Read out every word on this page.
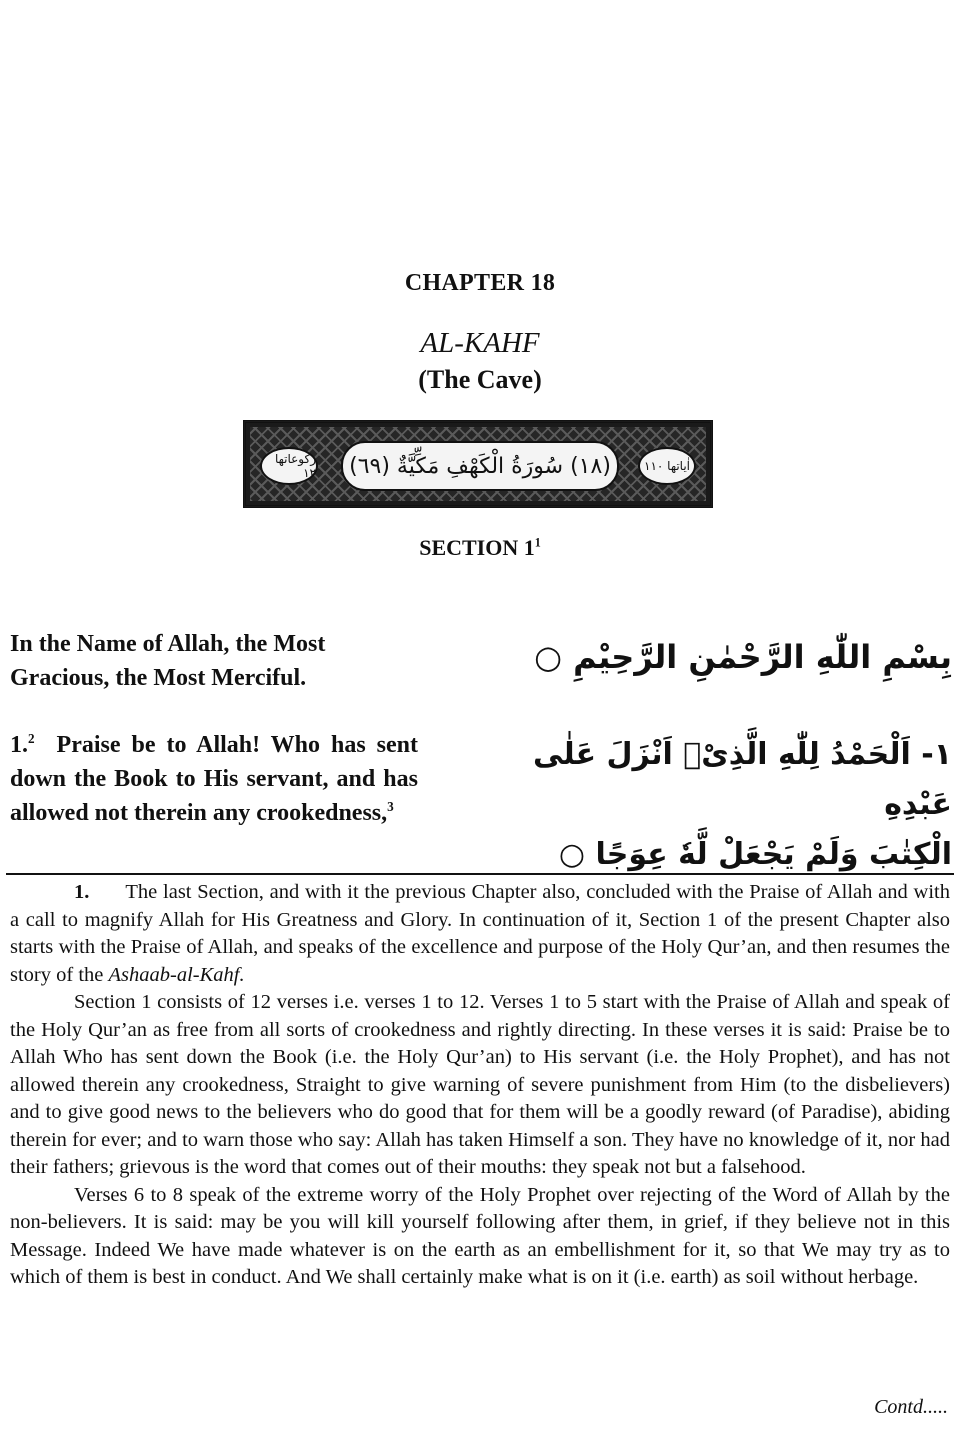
CHAPTER 18
AL-KAHF
(The Cave)
رکوعاتها ١٢	(١٨) سُورَةُ الْكَهْفِ مَكِّيَّةٌ (٦٩)	اٰياتها ١١٠
SECTION $1^1$
In the Name of Allah, the Most Gracious, the Most Merciful.
بِسْمِ اللّٰهِ الرَّحْمٰنِ الرَّحِيْمِ ○
1.$^2$ Praise be to Allah! Who has sent down the Book to His servant, and has allowed not therein any crookedness,$^3$
١- اَلْحَمْدُ لِلّٰهِ الَّذِیْۤ اَنْزَلَ عَلٰی عَبْدِهِ
الْكِتٰبَ وَلَمْ يَجْعَلْ لَّهٗ عِوَجًا ○

1. The last Section, and with it the previous Chapter also, concluded with the Praise of Allah and with a call to magnify Allah for His Greatness and Glory. In continuation of it, Section 1 of the present Chapter also starts with the Praise of Allah, and speaks of the excellence and purpose of the Holy Qur’an, and then resumes the story of the Ashaab-al-Kahf.

Section 1 consists of 12 verses i.e. verses 1 to 12. Verses 1 to 5 start with the Praise of Allah and speak of the Holy Qur’an as free from all sorts of crookedness and rightly directing. In these verses it is said: Praise be to Allah Who has sent down the Book (i.e. the Holy Qur’an) to His servant (i.e. the Holy Prophet), and has not allowed therein any crookedness, Straight to give warning of severe punishment from Him (to the disbelievers) and to give good news to the believers who do good that for them will be a goodly reward (of Paradise), abiding therein for ever; and to warn those who say: Allah has taken Himself a son. They have no knowledge of it, nor had their fathers; grievous is the word that comes out of their mouths: they speak not but a falsehood.

Verses 6 to 8 speak of the extreme worry of the Holy Prophet over rejecting of the Word of Allah by the non-believers. It is said: may be you will kill yourself following after them, in grief, if they believe not in this Message. Indeed We have made whatever is on the earth as an embellishment for it, so that We may try as to which of them is best in conduct. And We shall certainly make what is on it (i.e. earth) as soil without herbage.

Contd.....
